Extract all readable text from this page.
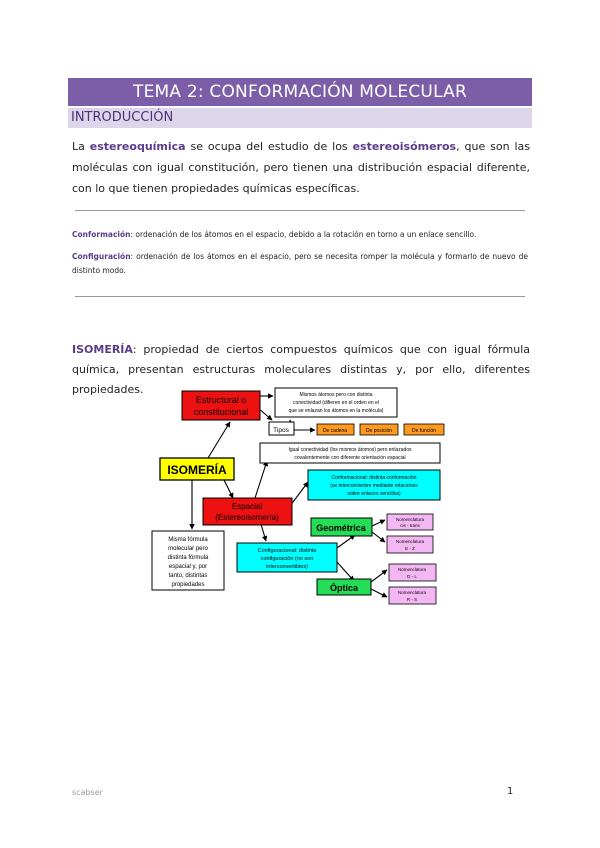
TEMA 2: CONFORMACIÓN MOLECULAR
INTRODUCCIÓN
La estereoquímica se ocupa del estudio de los estereoisómeros, que son las moléculas con igual constitución, pero tienen una distribución espacial diferente, con lo que tienen propiedades químicas específicas.
Conformación: ordenación de los átomos en el espacio, debido a la rotación en torno a un enlace sencillo.
Configuración: ordenación de los átomos en el espacio, pero se necesita romper la molécula y formarlo de nuevo de distinto modo.
ISOMERÍA: propiedad de ciertos compuestos químicos que con igual fórmula química, presentan estructuras moleculares distintas y, por ello, diferentes propiedades.
Estructural o
constitucional
Mismos átomos pero con distinta
conectividad (difieren en el orden en el
que se enlazan los átomos en la molécula)
Tipos	De cadena	De posición	De función
Igual conectividad (los mismos átomos) pero enlazados
covalentemente con diferente orientación espacial
ISOMERÍA
Conformacional: distinta conformación
(se interconvierten mediante rotaciones
sobre enlaces sencillos)
Espacial
(Estereoisomería)
Misma fórmula
molecular pero
distinta fórmula
espacial y, por
tanto, distintas
propiedades
Configuracional: distinta
configuración (no son
interconvertibles)
Geométrica
Óptica
Nomenclatura
cis - trans
Nomenclatura
E - Z
Nomenclatura
D - L
Nomenclatura
R - S
scabser	1
